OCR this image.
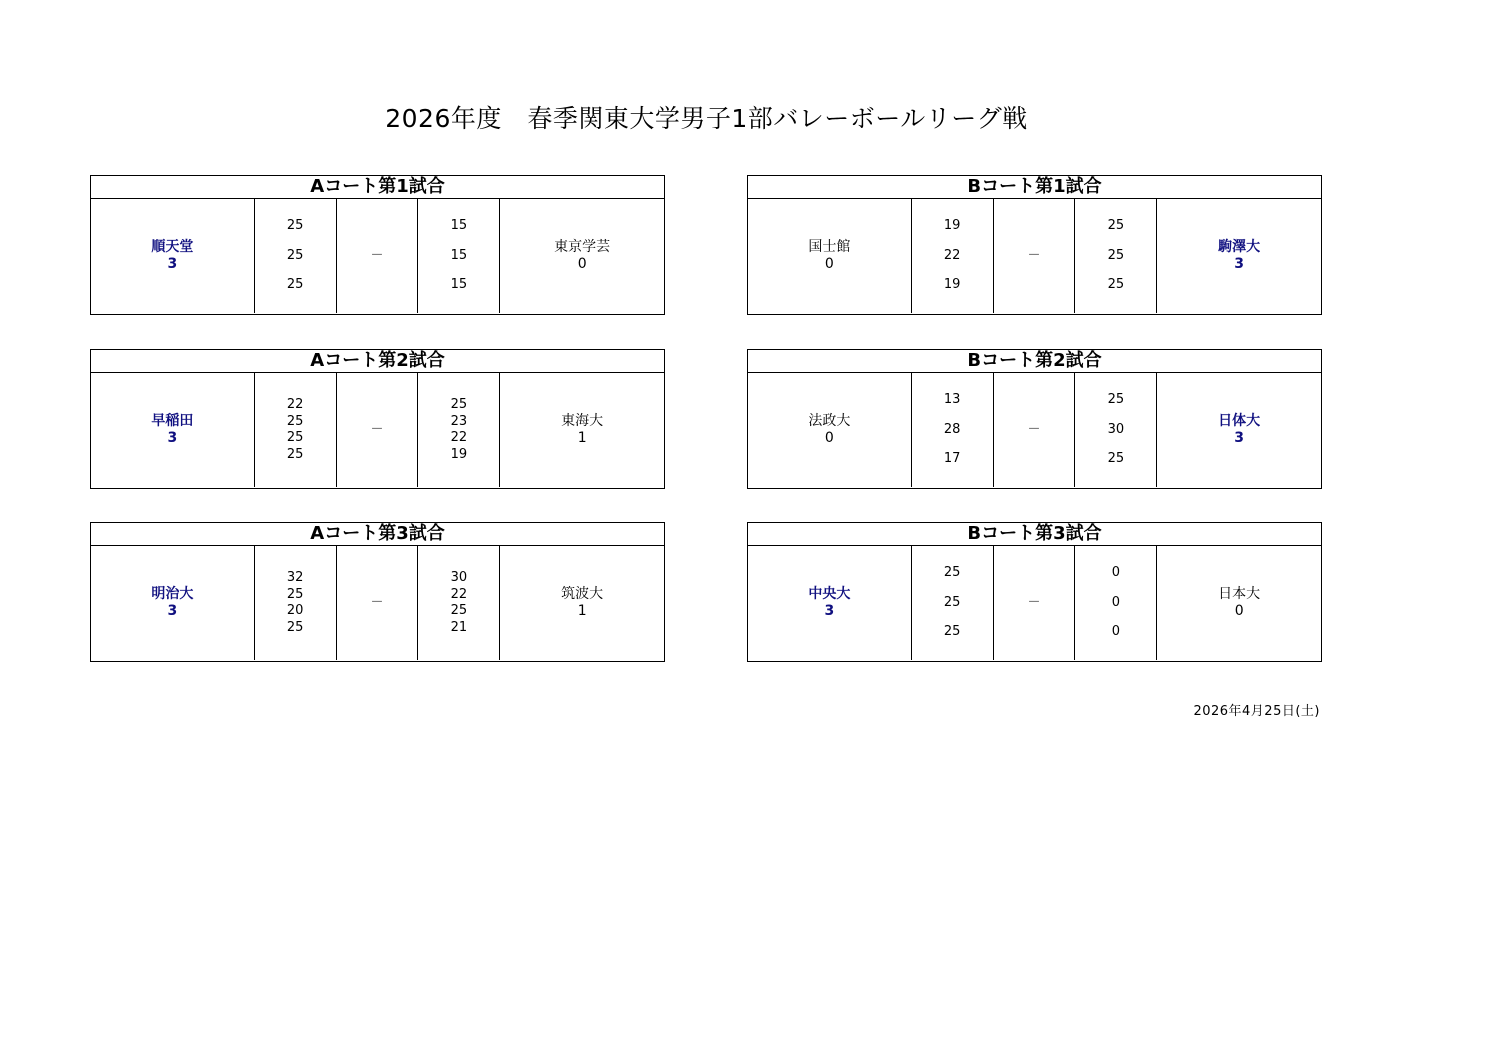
2026年度　春季関東大学男子1部バレーボールリーグ戦
Aコート第1試合
順天堂
3
25
25
25
－
15
15
15
東京学芸
0
Bコート第1試合
国士館
0
19
22
19
－
25
25
25
駒澤大
3
Aコート第2試合
早稲田
3
22
25
25
25
－
25
23
22
19
東海大
1
Bコート第2試合
法政大
0
13
28
17
－
25
30
25
日体大
3
Aコート第3試合
明治大
3
32
25
20
25
－
30
22
25
21
筑波大
1
Bコート第3試合
中央大
3
25
25
25
－
0
0
0
日本大
0
2026年4月25日(土)
